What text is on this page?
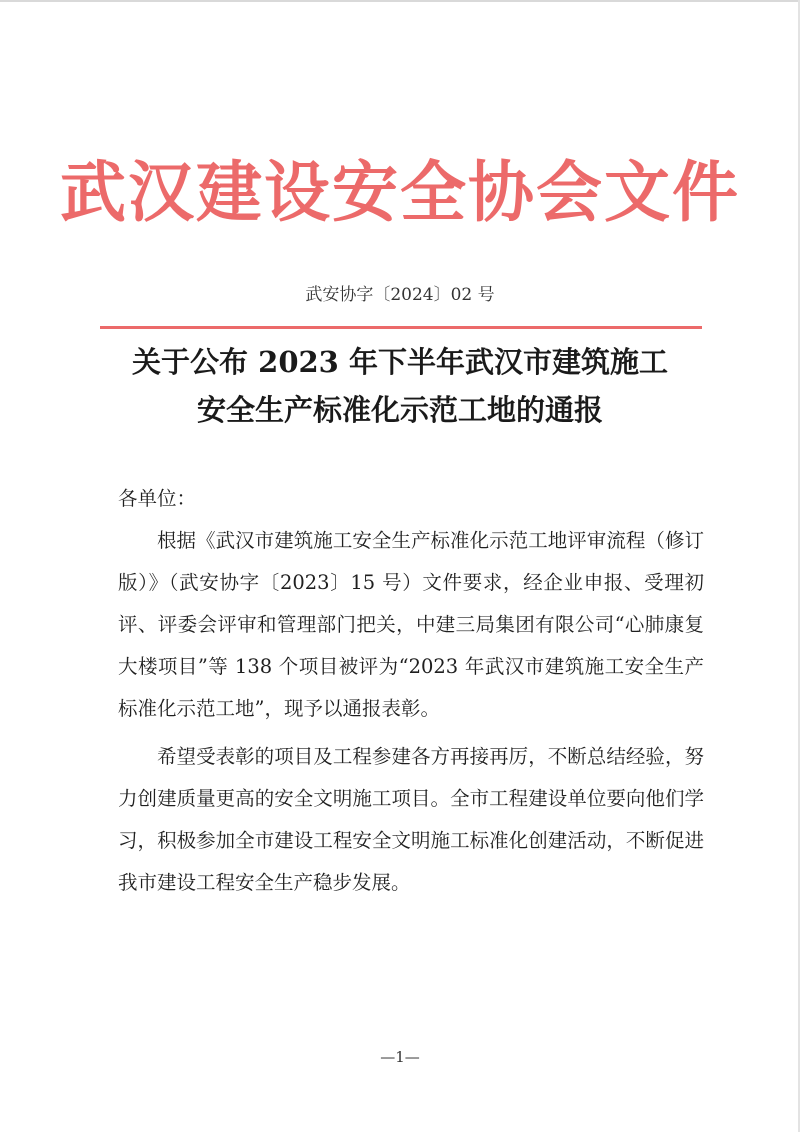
武汉建设安全协会文件
武安协字〔2024〕02 号
关于公布 2023 年下半年武汉市建筑施工
安全生产标准化示范工地的通报

各单位：

根据《武汉市建筑施工安全生产标准化示范工地评审流程（修订版）》（武安协字〔2023〕15 号）文件要求，经企业申报、受理初评、评委会评审和管理部门把关，中建三局集团有限公司“心肺康复大楼项目”等 138 个项目被评为“2023 年武汉市建筑施工安全生产标准化示范工地”，现予以通报表彰。

希望受表彰的项目及工程参建各方再接再厉，不断总结经验，努力创建质量更高的安全文明施工项目。全市工程建设单位要向他们学习，积极参加全市建设工程安全文明施工标准化创建活动，不断促进我市建设工程安全生产稳步发展。

—1—
